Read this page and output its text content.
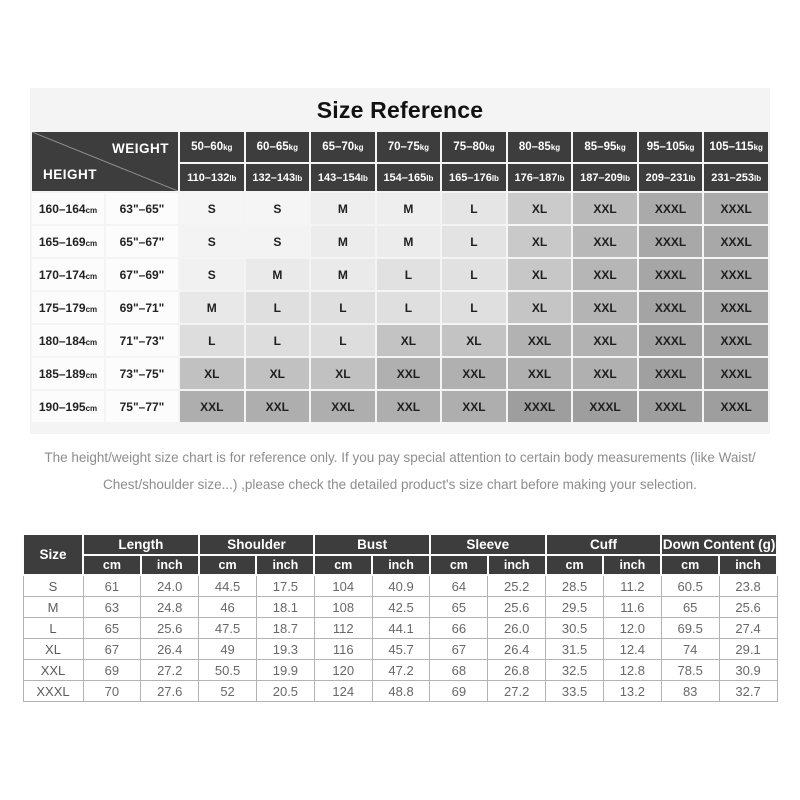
Size Reference
WEIGHT
HEIGHT		50–60kg	60–65kg	65–70kg	70–75kg	75–80kg	80–85kg	85–95kg	95–105kg	105–115kg
		110–132lb	132–143lb	143–154lb	154–165lb	165–176lb	176–187lb	187–209lb	209–231lb	231–253lb
160–164cm	63"–65"	S	S	M	M	L	XL	XXL	XXXL	XXXL
165–169cm	65"–67"	S	S	M	M	L	XL	XXL	XXXL	XXXL
170–174cm	67"–69"	S	M	M	L	L	XL	XXL	XXXL	XXXL
175–179cm	69"–71"	M	L	L	L	L	XL	XXL	XXXL	XXXL
180–184cm	71"–73"	L	L	L	XL	XL	XXL	XXL	XXXL	XXXL
185–189cm	73"–75"	XL	XL	XL	XXL	XXL	XXL	XXL	XXXL	XXXL
190–195cm	75"–77"	XXL	XXL	XXL	XXL	XXL	XXXL	XXXL	XXXL	XXXL
The height/weight size chart is for reference only. If you pay special attention to certain body measurements (like Waist/
Chest/shoulder size...) ,please check the detailed product's size chart before making your selection.
Size	Length		Shoulder		Bust		Sleeve		Cuff		Down Content (g)	
	cm	inch	cm	inch	cm	inch	cm	inch	cm	inch	cm	inch
S	61	24.0	44.5	17.5	104	40.9	64	25.2	28.5	11.2	60.5	23.8
M	63	24.8	46	18.1	108	42.5	65	25.6	29.5	11.6	65	25.6
L	65	25.6	47.5	18.7	112	44.1	66	26.0	30.5	12.0	69.5	27.4
XL	67	26.4	49	19.3	116	45.7	67	26.4	31.5	12.4	74	29.1
XXL	69	27.2	50.5	19.9	120	47.2	68	26.8	32.5	12.8	78.5	30.9
XXXL	70	27.6	52	20.5	124	48.8	69	27.2	33.5	13.2	83	32.7
